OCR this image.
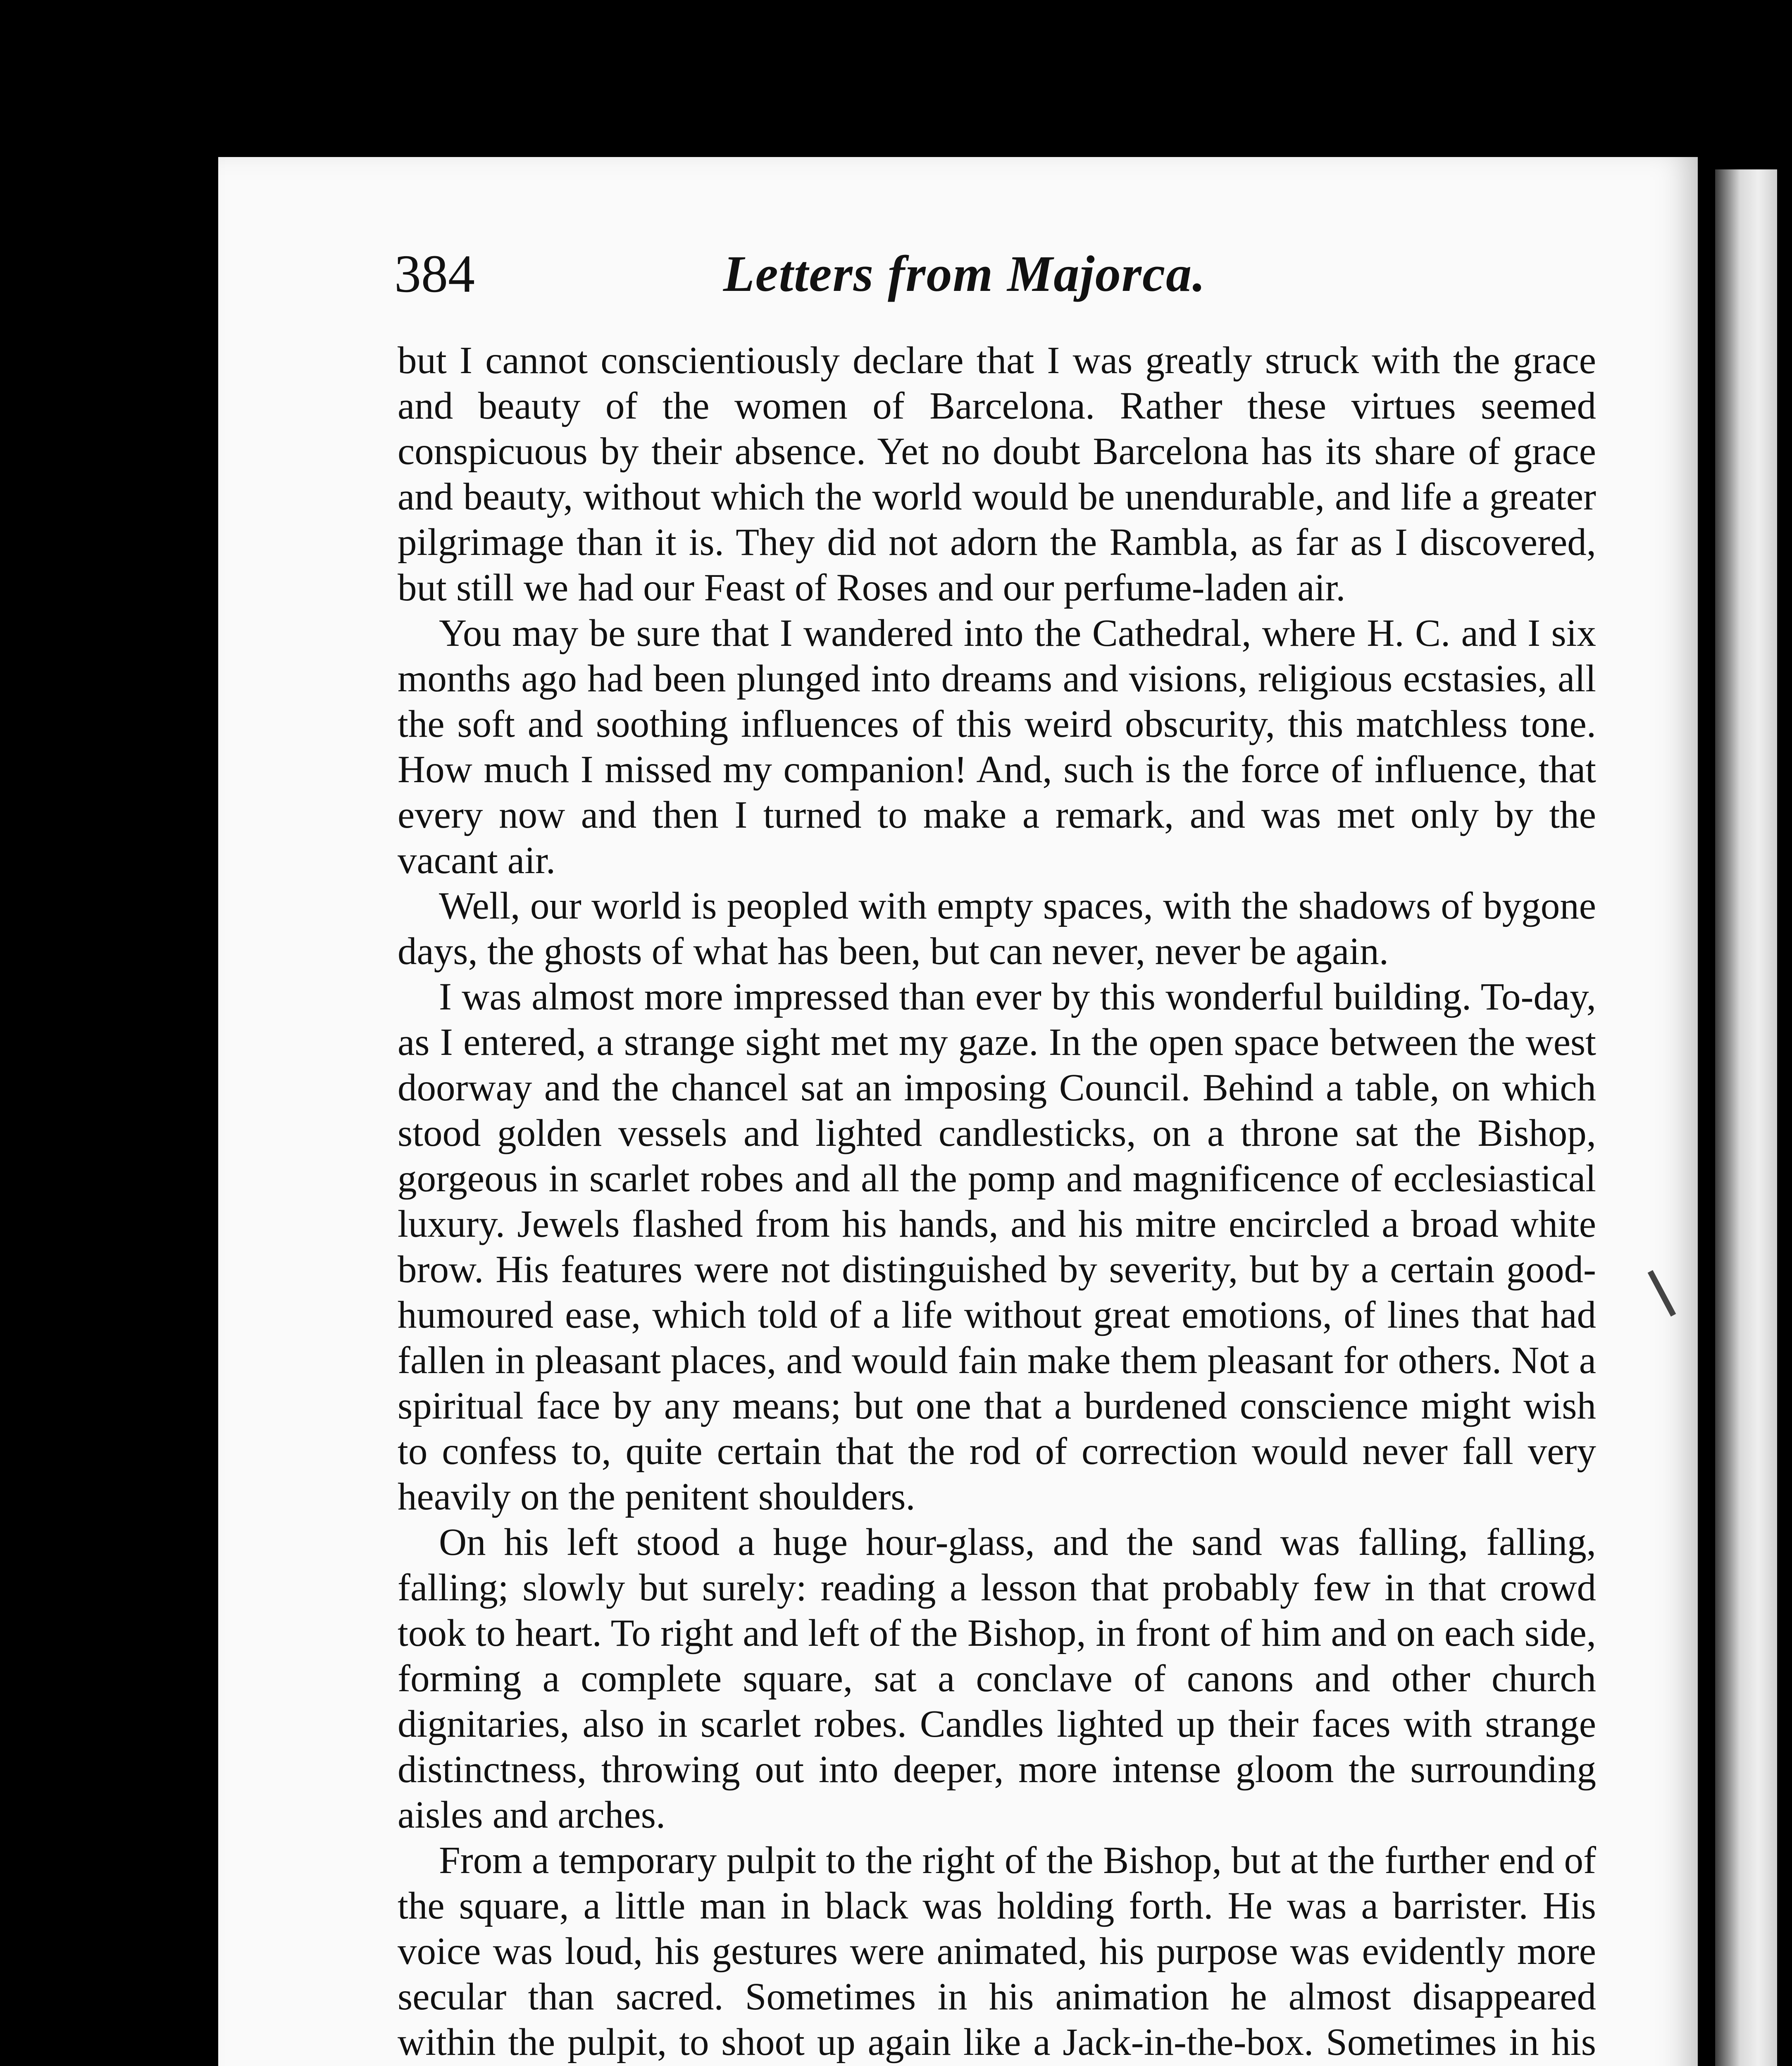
384	Letters from Majorca.

but I cannot conscientiously declare that I was greatly struck with the grace and beauty of the women of Barcelona. Rather these virtues seemed conspicuous by their absence. Yet no doubt Barcelona has its share of grace and beauty, without which the world would be unendurable, and life a greater pilgrimage than it is. They did not adorn the Rambla, as far as I discovered, but still we had our Feast of Roses and our perfume-laden air.

You may be sure that I wandered into the Cathedral, where H. C. and I six months ago had been plunged into dreams and visions, religious ecstasies, all the soft and soothing influences of this weird obscurity, this matchless tone. How much I missed my companion! And, such is the force of influence, that every now and then I turned to make a remark, and was met only by the vacant air.

Well, our world is peopled with empty spaces, with the shadows of bygone days, the ghosts of what has been, but can never, never be again.

I was almost more impressed than ever by this wonderful building. To-day, as I entered, a strange sight met my gaze. In the open space between the west doorway and the chancel sat an imposing Council. Behind a table, on which stood golden vessels and lighted candlesticks, on a throne sat the Bishop, gorgeous in scarlet robes and all the pomp and magnificence of ecclesiastical luxury. Jewels flashed from his hands, and his mitre encircled a broad white brow. His features were not distinguished by severity, but by a certain good-humoured ease, which told of a life without great emotions, of lines that had fallen in pleasant places, and would fain make them pleasant for others. Not a spiritual face by any means; but one that a burdened conscience might wish to confess to, quite certain that the rod of correction would never fall very heavily on the penitent shoulders.

On his left stood a huge hour-glass, and the sand was falling, falling, falling; slowly but surely: reading a lesson that probably few in that crowd took to heart. To right and left of the Bishop, in front of him and on each side, forming a complete square, sat a conclave of canons and other church dignitaries, also in scarlet robes. Candles lighted up their faces with strange distinctness, throwing out into deeper, more intense gloom the surrounding aisles and arches.

From a temporary pulpit to the right of the Bishop, but at the further end of the square, a little man in black was holding forth. He was a barrister. His voice was loud, his gestures were animated, his purpose was evidently more secular than sacred. Sometimes in his animation he almost disappeared within the pulpit, to shoot up again like a Jack-in-the-box. Sometimes in his
